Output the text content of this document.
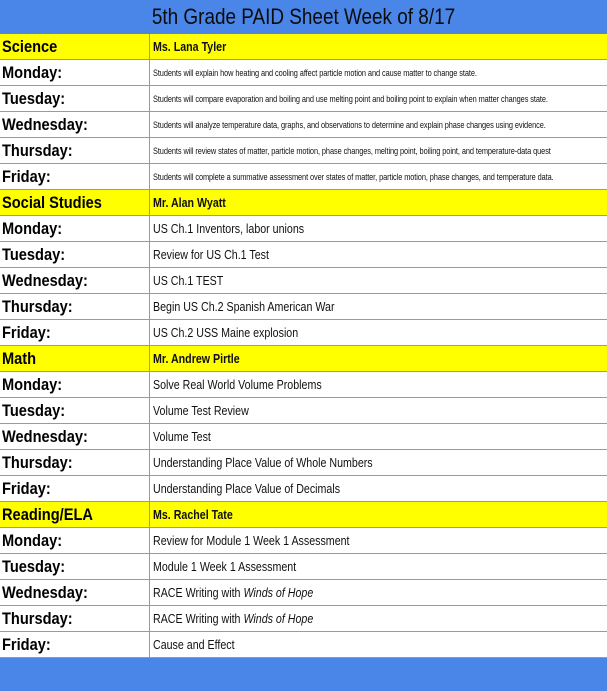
5th Grade PAID Sheet Week of 8/17
Science	Ms. Lana Tyler
Monday:	Students will explain how heating and cooling affect particle motion and cause matter to change state.
Tuesday:	Students will compare evaporation and boiling and use melting point and boiling point to explain when matter changes state.
Wednesday:	Students will analyze temperature data, graphs, and observations to determine and explain phase changes using evidence.
Thursday:	Students will review states of matter, particle motion, phase changes, melting point, boiling point, and temperature-data quest
Friday:	Students will complete a summative assessment over states of matter, particle motion, phase changes, and temperature data.
Social Studies	Mr. Alan Wyatt
Monday:	US Ch.1 Inventors, labor unions
Tuesday:	Review for US Ch.1 Test
Wednesday:	US Ch.1 TEST
Thursday:	Begin US Ch.2 Spanish American War
Friday:	US Ch.2 USS Maine explosion
Math	Mr. Andrew Pirtle
Monday:	Solve Real World Volume Problems
Tuesday:	Volume Test Review
Wednesday:	Volume Test
Thursday:	Understanding Place Value of Whole Numbers
Friday:	Understanding Place Value of Decimals
Reading/ELA	Ms. Rachel Tate
Monday:	Review for Module 1 Week 1 Assessment
Tuesday:	Module 1 Week 1 Assessment
Wednesday:	RACE Writing with Winds of Hope
Thursday:	RACE Writing with Winds of Hope
Friday:	Cause and Effect
